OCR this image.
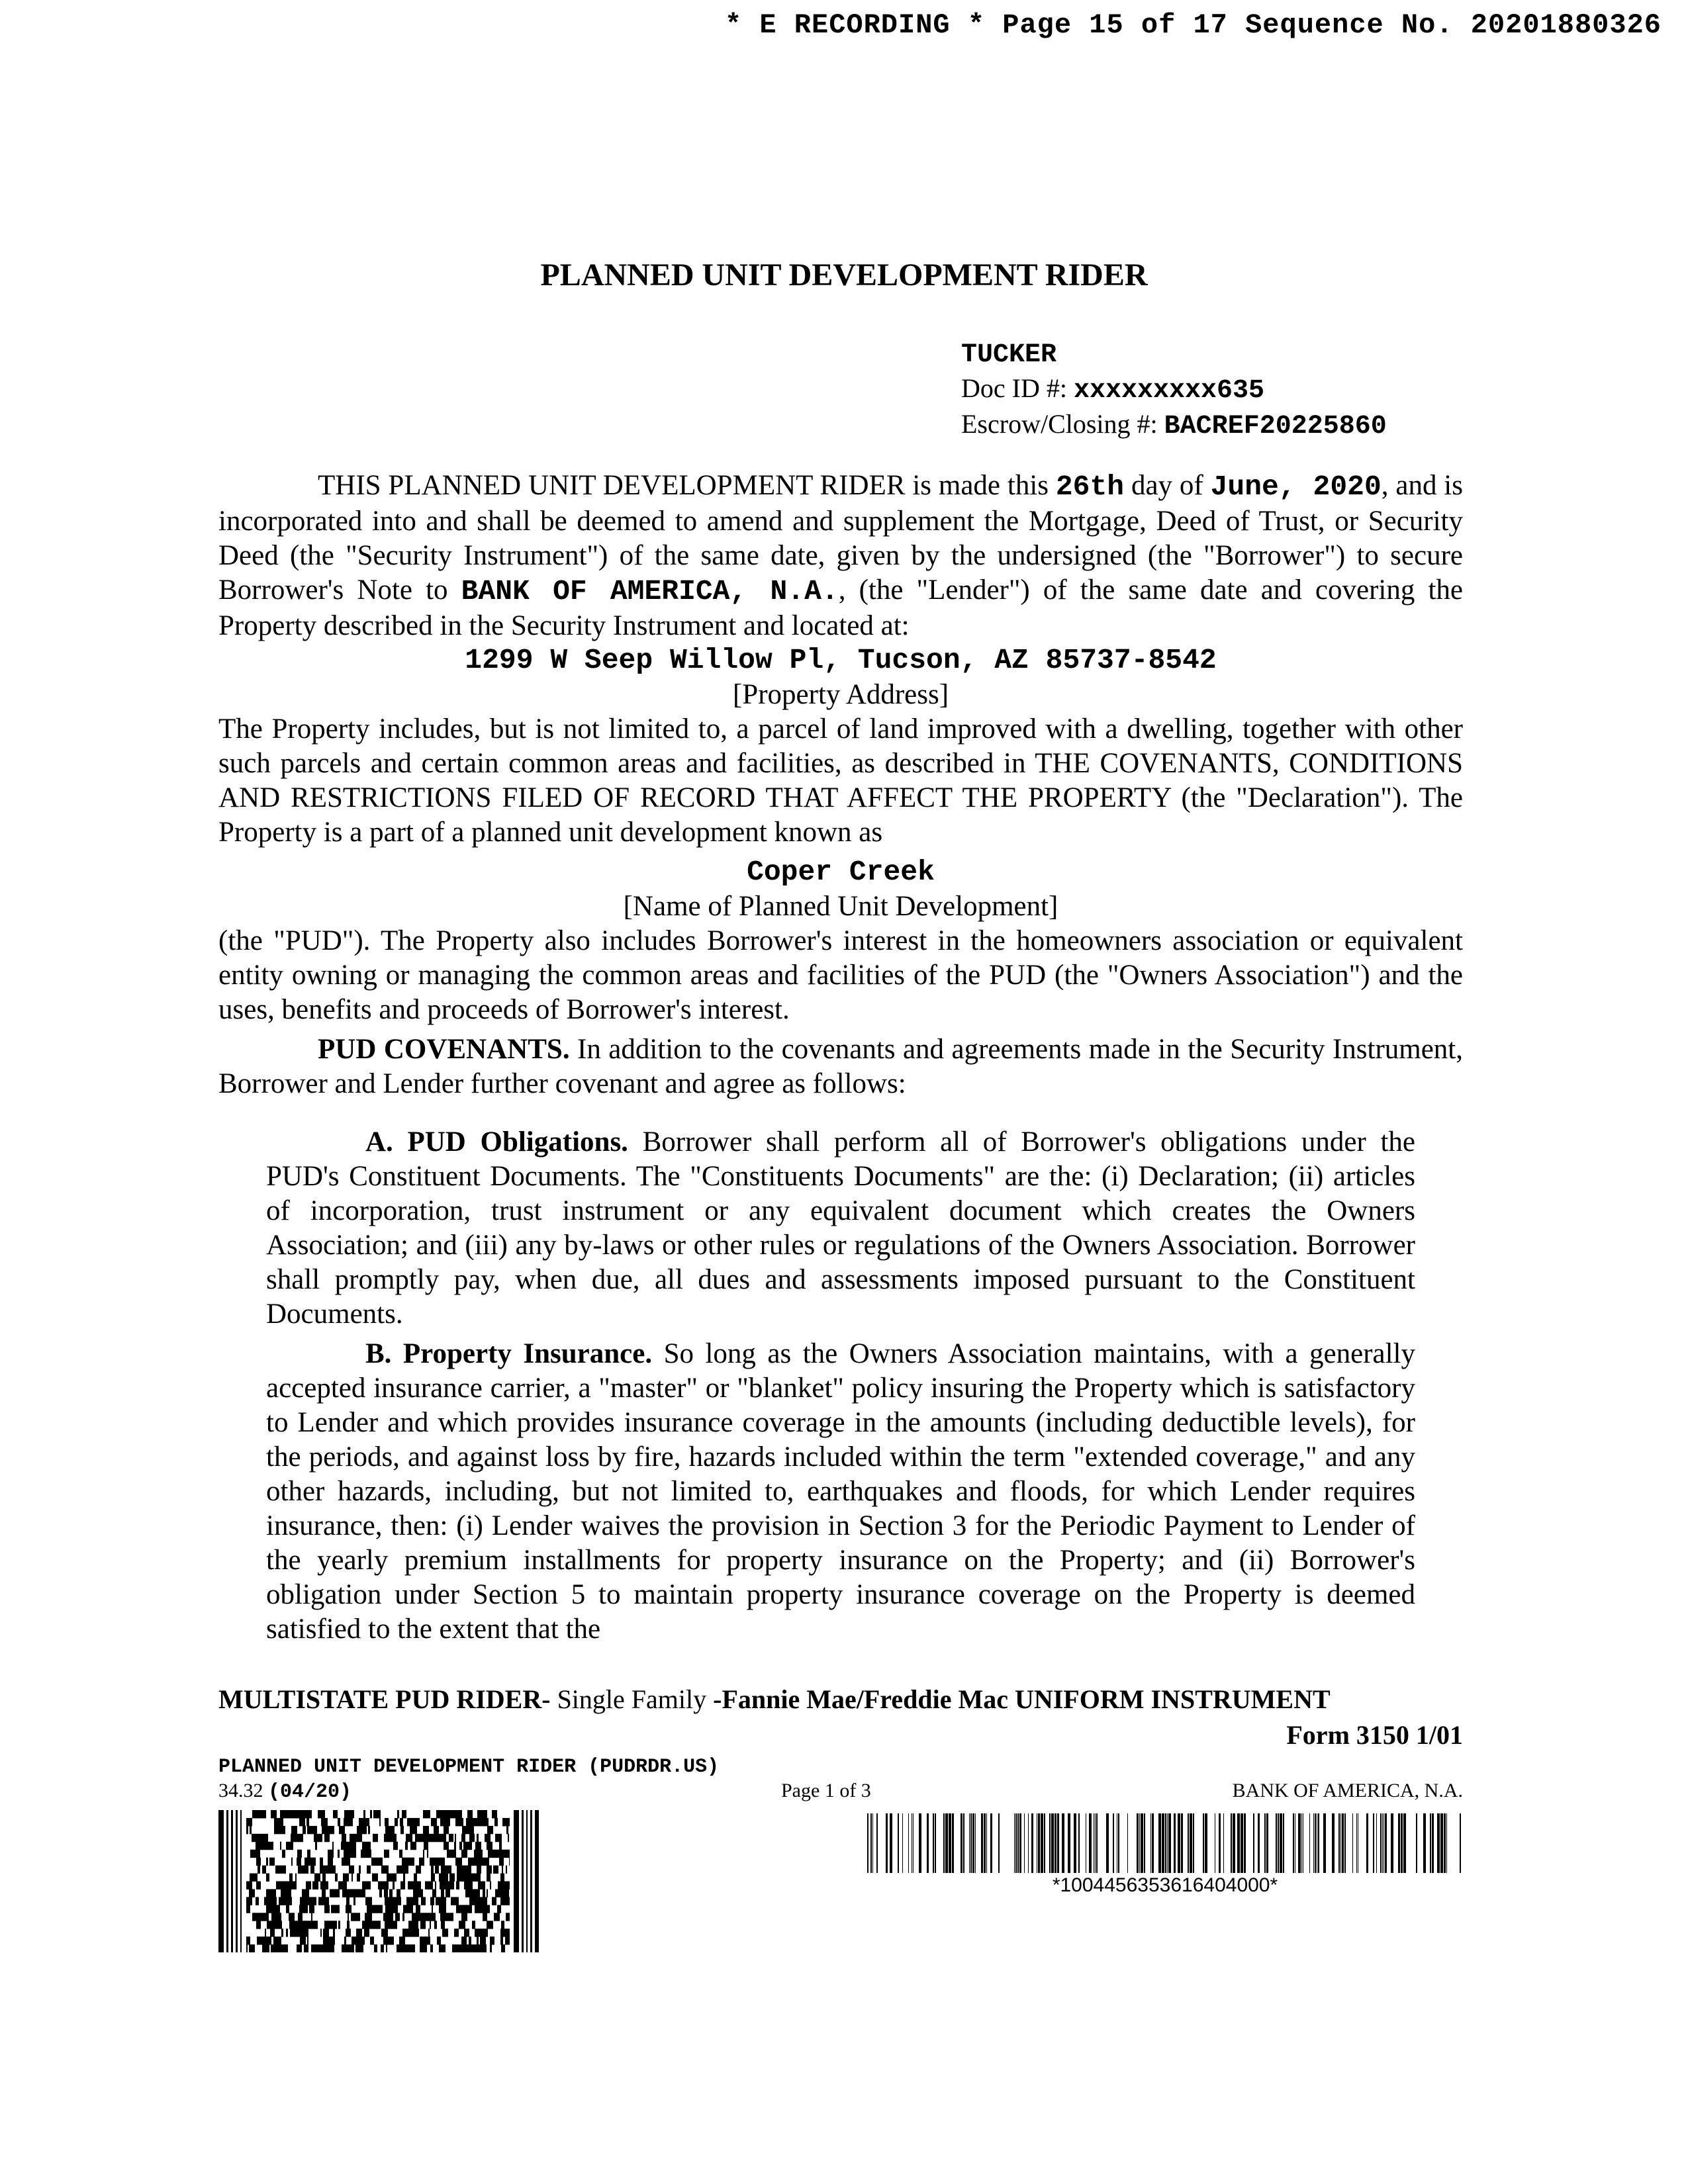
* E RECORDING * Page 15 of 17 Sequence No. 20201880326
PLANNED UNIT DEVELOPMENT RIDER
TUCKER
Doc ID #: xxxxxxxxx635
Escrow/Closing #: BACREF20225860

THIS PLANNED UNIT DEVELOPMENT RIDER is made this 26th day of June, 2020, and is incorporated into and shall be deemed to amend and supplement the Mortgage, Deed of Trust, or Security Deed (the "Security Instrument") of the same date, given by the undersigned (the "Borrower") to secure Borrower's Note to BANK OF AMERICA, N.A., (the "Lender") of the same date and covering the Property described in the Security Instrument and located at:

1299 W Seep Willow Pl, Tucson, AZ 85737-8542

[Property Address]

The Property includes, but is not limited to, a parcel of land improved with a dwelling, together with other such parcels and certain common areas and facilities, as described in THE COVENANTS, CONDITIONS AND RESTRICTIONS FILED OF RECORD THAT AFFECT THE PROPERTY (the "Declaration"). The Property is a part of a planned unit development known as

Coper Creek

[Name of Planned Unit Development]

(the "PUD"). The Property also includes Borrower's interest in the homeowners association or equivalent entity owning or managing the common areas and facilities of the PUD (the "Owners Association") and the uses, benefits and proceeds of Borrower's interest.

PUD COVENANTS. In addition to the covenants and agreements made in the Security Instrument, Borrower and Lender further covenant and agree as follows:

A. PUD Obligations. Borrower shall perform all of Borrower's obligations under the PUD's Constituent Documents. The "Constituents Documents" are the: (i) Declaration; (ii) articles of incorporation, trust instrument or any equivalent document which creates the Owners Association; and (iii) any by-laws or other rules or regulations of the Owners Association. Borrower shall promptly pay, when due, all dues and assessments imposed pursuant to the Constituent Documents.

B. Property Insurance. So long as the Owners Association maintains, with a generally accepted insurance carrier, a "master" or "blanket" policy insuring the Property which is satisfactory to Lender and which provides insurance coverage in the amounts (including deductible levels), for the periods, and against loss by fire, hazards included within the term "extended coverage," and any other hazards, including, but not limited to, earthquakes and floods, for which Lender requires insurance, then: (i) Lender waives the provision in Section 3 for the Periodic Payment to Lender of the yearly premium installments for property insurance on the Property; and (ii) Borrower's obligation under Section 5 to maintain property insurance coverage on the Property is deemed satisfied to the extent that the

MULTISTATE PUD RIDER- Single Family -Fannie Mae/Freddie Mac UNIFORM INSTRUMENT
Form 3150 1/01
PLANNED UNIT DEVELOPMENT RIDER (PUDRDR.US)
34.32 (04/20)	Page 1 of 3	BANK OF AMERICA, N.A.
*1004456353616404000*
